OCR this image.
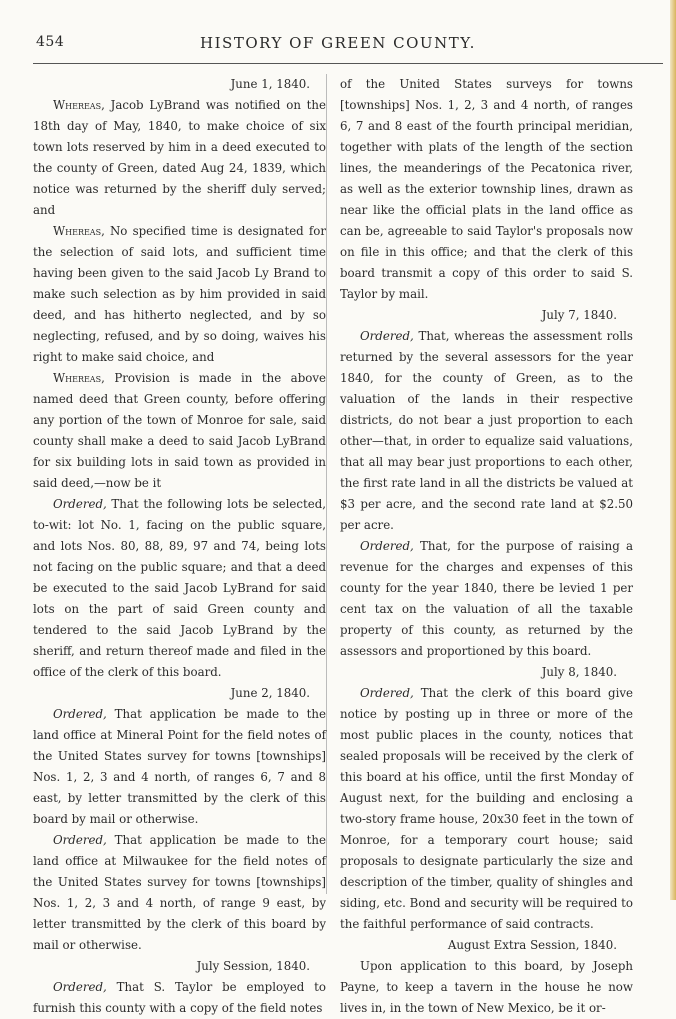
454	HISTORY OF GREEN COUNTY.

June 1, 1840.

Whereas, Jacob LyBrand was notified on the 18th day of May, 1840, to make choice of six town lots reserved by him in a deed executed to the county of Green, dated Aug 24, 1839, which notice was returned by the sheriff duly served; and

Whereas, No specified time is designated for the selection of said lots, and sufficient time having been given to the said Jacob Ly Brand to make such selection as by him provided in said deed, and has hitherto neglected, and by so neglecting, refused, and by so doing, waives his right to make said choice, and

Whereas, Provision is made in the above named deed that Green county, before offering any portion of the town of Monroe for sale, said county shall make a deed to said Jacob LyBrand for six building lots in said town as provided in said deed,—now be it

Ordered, That the following lots be selected, to-wit: lot No. 1, facing on the public square, and lots Nos. 80, 88, 89, 97 and 74, being lots not facing on the public square; and that a deed be executed to the said Jacob LyBrand for said lots on the part of said Green county and tendered to the said Jacob LyBrand by the sheriff, and return thereof made and filed in the office of the clerk of this board.

June 2, 1840.

Ordered, That application be made to the land office at Mineral Point for the field notes of the United States survey for towns [townships] Nos. 1, 2, 3 and 4 north, of ranges 6, 7 and 8 east, by letter transmitted by the clerk of this board by mail or otherwise.

Ordered, That application be made to the land office at Milwaukee for the field notes of the United States survey for towns [townships] Nos. 1, 2, 3 and 4 north, of range 9 east, by letter transmitted by the clerk of this board by mail or otherwise.

July Session, 1840.

Ordered, That S. Taylor be employed to furnish this county with a copy of the field notes

of the United States surveys for towns [townships] Nos. 1, 2, 3 and 4 north, of ranges 6, 7 and 8 east of the fourth principal meridian, together with plats of the length of the section lines, the meanderings of the Pecatonica river, as well as the exterior township lines, drawn as near like the official plats in the land office as can be, agreeable to said Taylor's proposals now on file in this office; and that the clerk of this board transmit a copy of this order to said S. Taylor by mail.

July 7, 1840.

Ordered, That, whereas the assessment rolls returned by the several assessors for the year 1840, for the county of Green, as to the valuation of the lands in their respective districts, do not bear a just proportion to each other—that, in order to equalize said valuations, that all may bear just proportions to each other, the first rate land in all the districts be valued at $3 per acre, and the second rate land at $2.50 per acre.

Ordered, That, for the purpose of raising a revenue for the charges and expenses of this county for the year 1840, there be levied 1 per cent tax on the valuation of all the taxable property of this county, as returned by the assessors and proportioned by this board.

July 8, 1840.

Ordered, That the clerk of this board give notice by posting up in three or more of the most public places in the county, notices that sealed proposals will be received by the clerk of this board at his office, until the first Monday of August next, for the building and enclosing a two-story frame house, 20x30 feet in the town of Monroe, for a temporary court house; said proposals to designate particularly the size and description of the timber, quality of shingles and siding, etc. Bond and security will be required to the faithful performance of said contracts.

August Extra Session, 1840.

Upon application to this board, by Joseph Payne, to keep a tavern in the house he now lives in, in the town of New Mexico, be it or-
